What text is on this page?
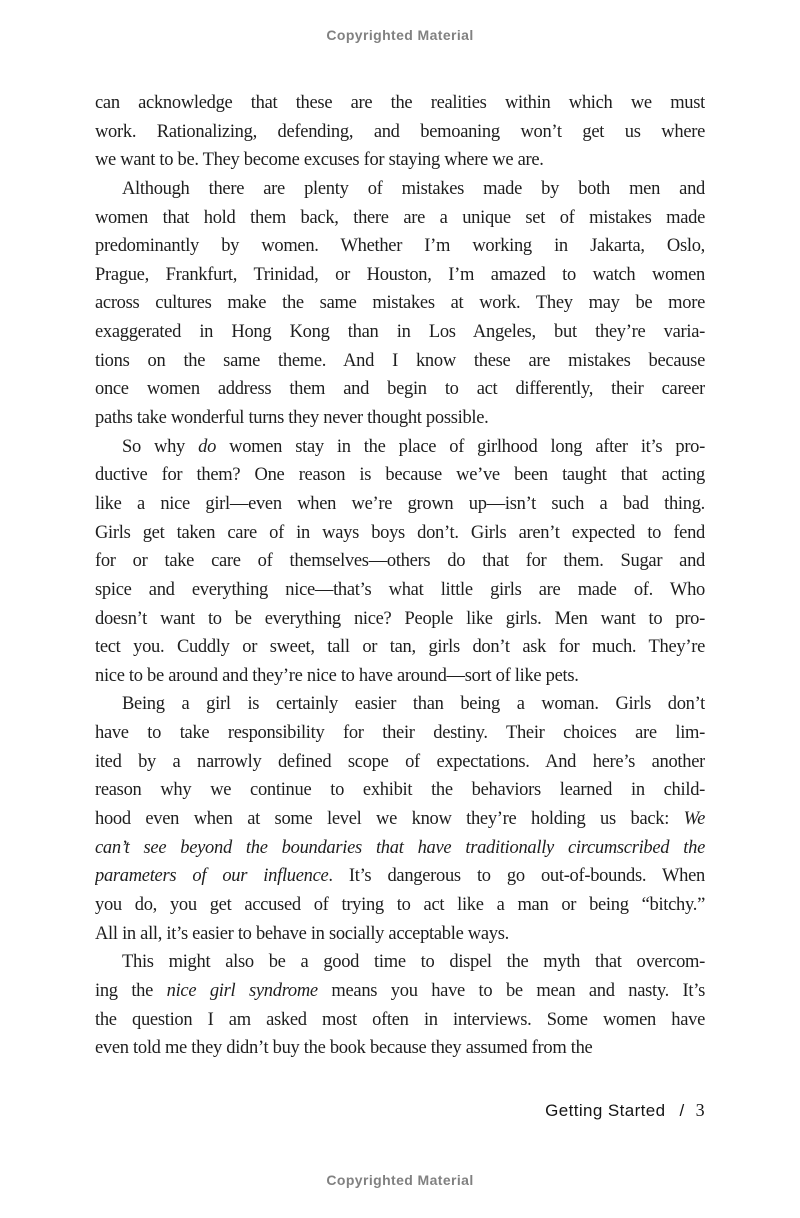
Copyrighted Material
can acknowledge that these are the realities within which we must
work. Rationalizing, defending, and bemoaning won’t get us where
we want to be. They become excuses for staying where we are.
Although there are plenty of mistakes made by both men and
women that hold them back, there are a unique set of mistakes made
predominantly by women. Whether I’m working in Jakarta, Oslo,
Prague, Frankfurt, Trinidad, or Houston, I’m amazed to watch women
across cultures make the same mistakes at work. They may be more
exaggerated in Hong Kong than in Los Angeles, but they’re varia-
tions on the same theme. And I know these are mistakes because
once women address them and begin to act differently, their career
paths take wonderful turns they never thought possible.
So why do women stay in the place of girlhood long after it’s pro-
ductive for them? One reason is because we’ve been taught that acting
like a nice girl—even when we’re grown up—isn’t such a bad thing.
Girls get taken care of in ways boys don’t. Girls aren’t expected to fend
for or take care of themselves—others do that for them. Sugar and
spice and everything nice—that’s what little girls are made of. Who
doesn’t want to be everything nice? People like girls. Men want to pro-
tect you. Cuddly or sweet, tall or tan, girls don’t ask for much. They’re
nice to be around and they’re nice to have around—sort of like pets.
Being a girl is certainly easier than being a woman. Girls don’t
have to take responsibility for their destiny. Their choices are lim-
ited by a narrowly defined scope of expectations. And here’s another
reason why we continue to exhibit the behaviors learned in child-
hood even when at some level we know they’re holding us back: We
can’t see beyond the boundaries that have traditionally circumscribed the
parameters of our influence. It’s dangerous to go out-of-bounds. When
you do, you get accused of trying to act like a man or being “bitchy.”
All in all, it’s easier to behave in socially acceptable ways.
This might also be a good time to dispel the myth that overcom-
ing the nice girl syndrome means you have to be mean and nasty. It’s
the question I am asked most often in interviews. Some women have
even told me they didn’t buy the book because they assumed from the
Getting Started / 3
Copyrighted Material
